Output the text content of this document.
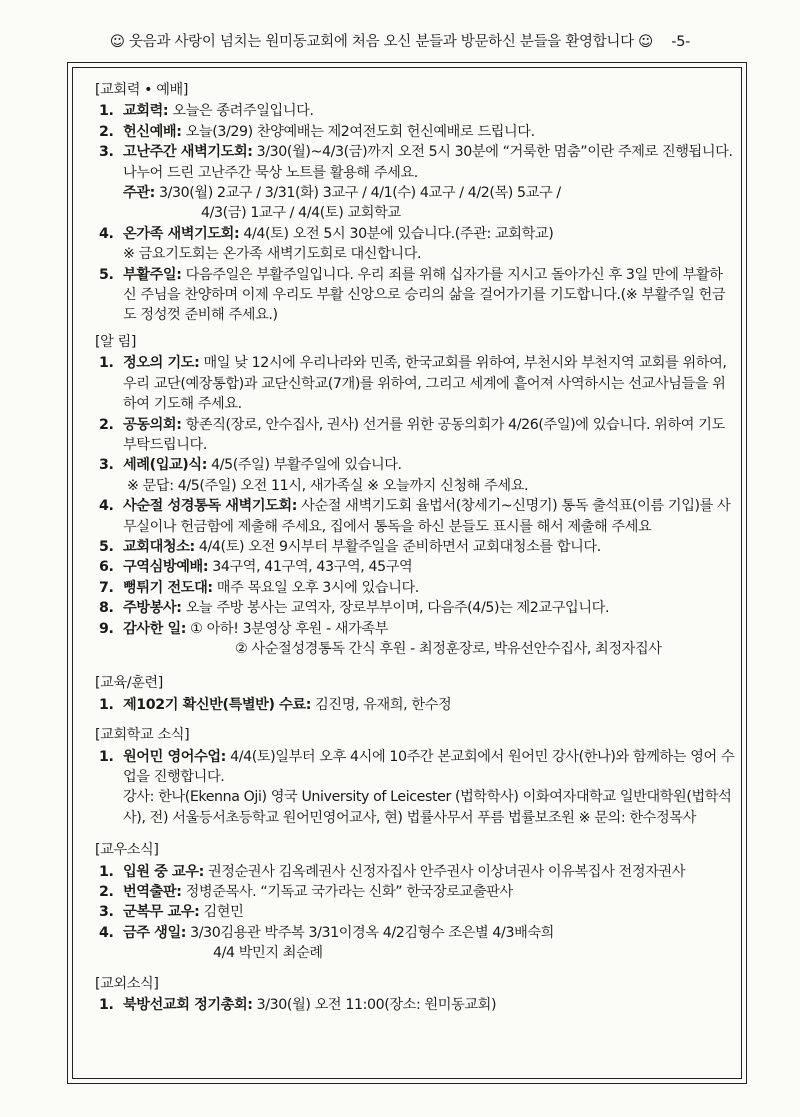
☺ 웃음과 사랑이 넘치는 원미동교회에 처음 오신 분들과 방문하신 분들을 환영합니다 ☺ -5-
[교회력 • 예배]
1. 교회력: 오늘은 종려주일입니다.
2. 헌신예배: 오늘(3/29) 찬양예배는 제2여전도회 헌신예배로 드립니다.
3. 고난주간 새벽기도회: 3/30(월)~4/3(금)까지 오전 5시 30분에 “거룩한 멈춤”이란 주제로 진행됩니다. 나누어 드린 고난주간 묵상 노트를 활용해 주세요.
주관: 3/30(월) 2교구 / 3/31(화) 3교구 / 4/1(수) 4교구 / 4/2(목) 5교구 /
4/3(금) 1교구 / 4/4(토) 교회학교
4. 온가족 새벽기도회: 4/4(토) 오전 5시 30분에 있습니다.(주관: 교회학교)
※ 금요기도회는 온가족 새벽기도회로 대신합니다.
5. 부활주일: 다음주일은 부활주일입니다. 우리 죄를 위해 십자가를 지시고 돌아가신 후 3일 만에 부활하신 주님을 찬양하며 이제 우리도 부활 신앙으로 승리의 삶을 걸어가기를 기도합니다.(※ 부활주일 헌금도 정성껏 준비해 주세요.)
[알 림]
1. 정오의 기도: 매일 낮 12시에 우리나라와 민족, 한국교회를 위하여, 부천시와 부천지역 교회를 위하여, 우리 교단(예장통합)과 교단신학교(7개)를 위하여, 그리고 세계에 흩어져 사역하시는 선교사님들을 위하여 기도해 주세요.
2. 공동의회: 항존직(장로, 안수집사, 권사) 선거를 위한 공동의회가 4/26(주일)에 있습니다. 위하여 기도 부탁드립니다.
3. 세례(입교)식: 4/5(주일) 부활주일에 있습니다.
※ 문답: 4/5(주일) 오전 11시, 새가족실 ※ 오늘까지 신청해 주세요.
4. 사순절 성경통독 새벽기도회: 사순절 새벽기도회 율법서(창세기~신명기) 통독 출석표(이름 기입)를 사무실이나 헌금함에 제출해 주세요, 집에서 통독을 하신 분들도 표시를 해서 제출해 주세요
5. 교회대청소: 4/4(토) 오전 9시부터 부활주일을 준비하면서 교회대청소를 합니다.
6. 구역심방예배: 34구역, 41구역, 43구역, 45구역
7. 뻥튀기 전도대: 매주 목요일 오후 3시에 있습니다.
8. 주방봉사: 오늘 주방 봉사는 교역자, 장로부부이며, 다음주(4/5)는 제2교구입니다.
9. 감사한 일: ① 아하! 3분영상 후원 - 새가족부
② 사순절성경통독 간식 후원 - 최정훈장로, 박유선안수집사, 최정자집사
[교육/훈련]
1. 제102기 확신반(특별반) 수료: 김진명, 유재희, 한수정
[교회학교 소식]
1. 원어민 영어수업: 4/4(토)일부터 오후 4시에 10주간 본교회에서 원어민 강사(한나)와 함께하는 영어 수업을 진행합니다.
강사: 한나(Ekenna Oji) 영국 University of Leicester (법학학사) 이화여자대학교 일반대학원(법학석사), 전) 서울등서초등학교 원어민영어교사, 현) 법률사무서 푸름 법률보조원 ※ 문의: 한수정목사
[교우소식]
1. 입원 중 교우: 권정순권사 김옥례권사 신정자집사 안주권사 이상녀권사 이유복집사 전정자권사
2. 번역출판: 정병준목사. “기독교 국가라는 신화” 한국장로교출판사
3. 군복무 교우: 김현민
4. 금주 생일: 3/30김용관 박주복 3/31이경옥 4/2김형수 조은별 4/3배숙희
4/4 박민지 최순례
[교외소식]
1. 북방선교회 정기총회: 3/30(월) 오전 11:00(장소: 원미동교회)
